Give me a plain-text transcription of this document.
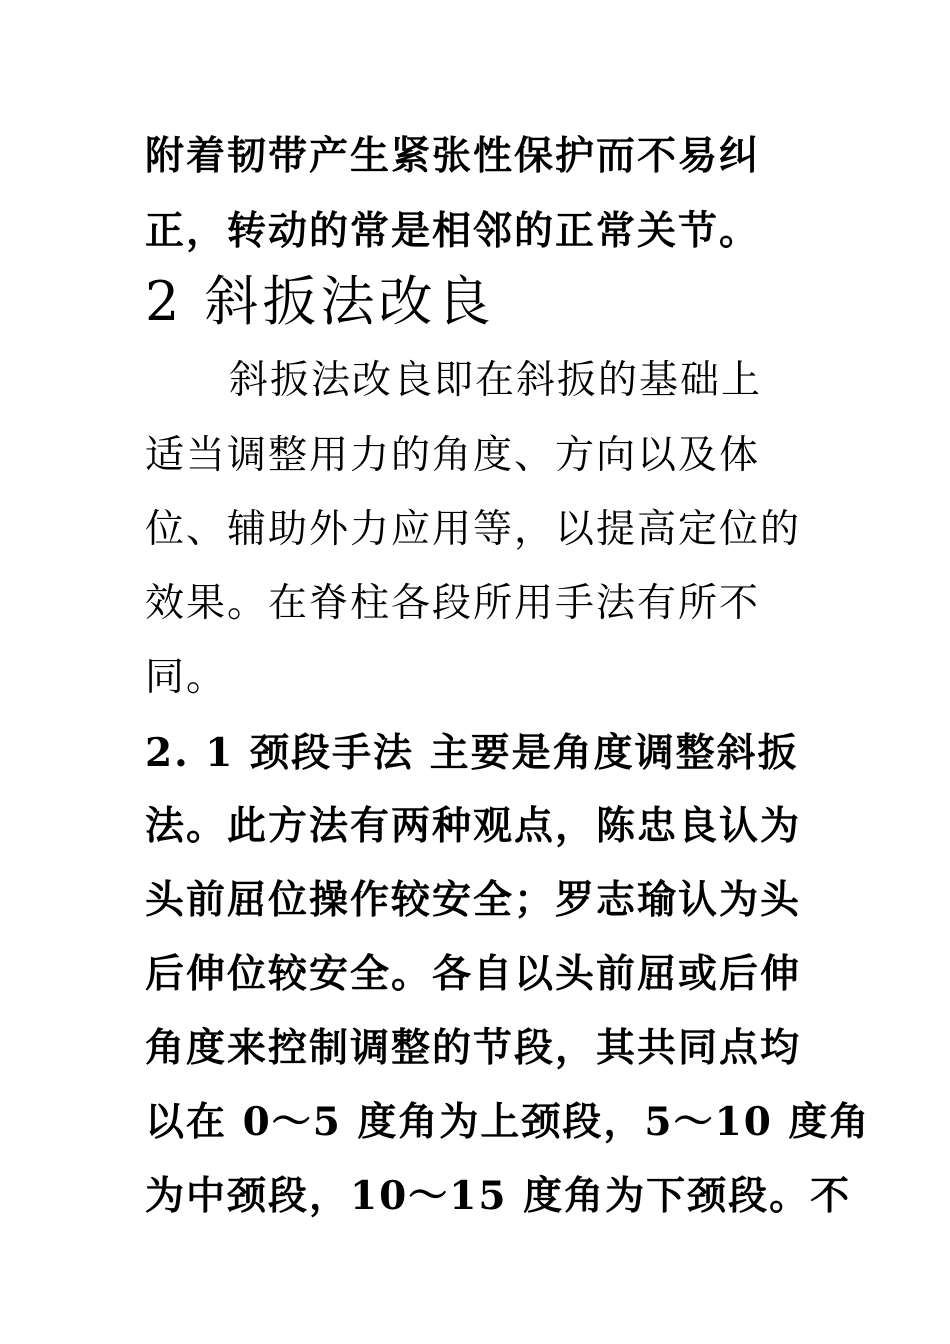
附着韧带产生紧张性保护而不易纠
正，转动的常是相邻的正常关节。
2 斜扳法改良
斜扳法改良即在斜扳的基础上
适当调整用力的角度、方向以及体
位、辅助外力应用等，以提高定位的
效果。在脊柱各段所用手法有所不
同。
2. 1 颈段手法 主要是角度调整斜扳
法。此方法有两种观点，陈忠良认为
头前屈位操作较安全；罗志瑜认为头
后伸位较安全。各自以头前屈或后伸
角度来控制调整的节段，其共同点均
以在 0～5 度角为上颈段，5～10 度角
为中颈段，10～15 度角为下颈段。不
